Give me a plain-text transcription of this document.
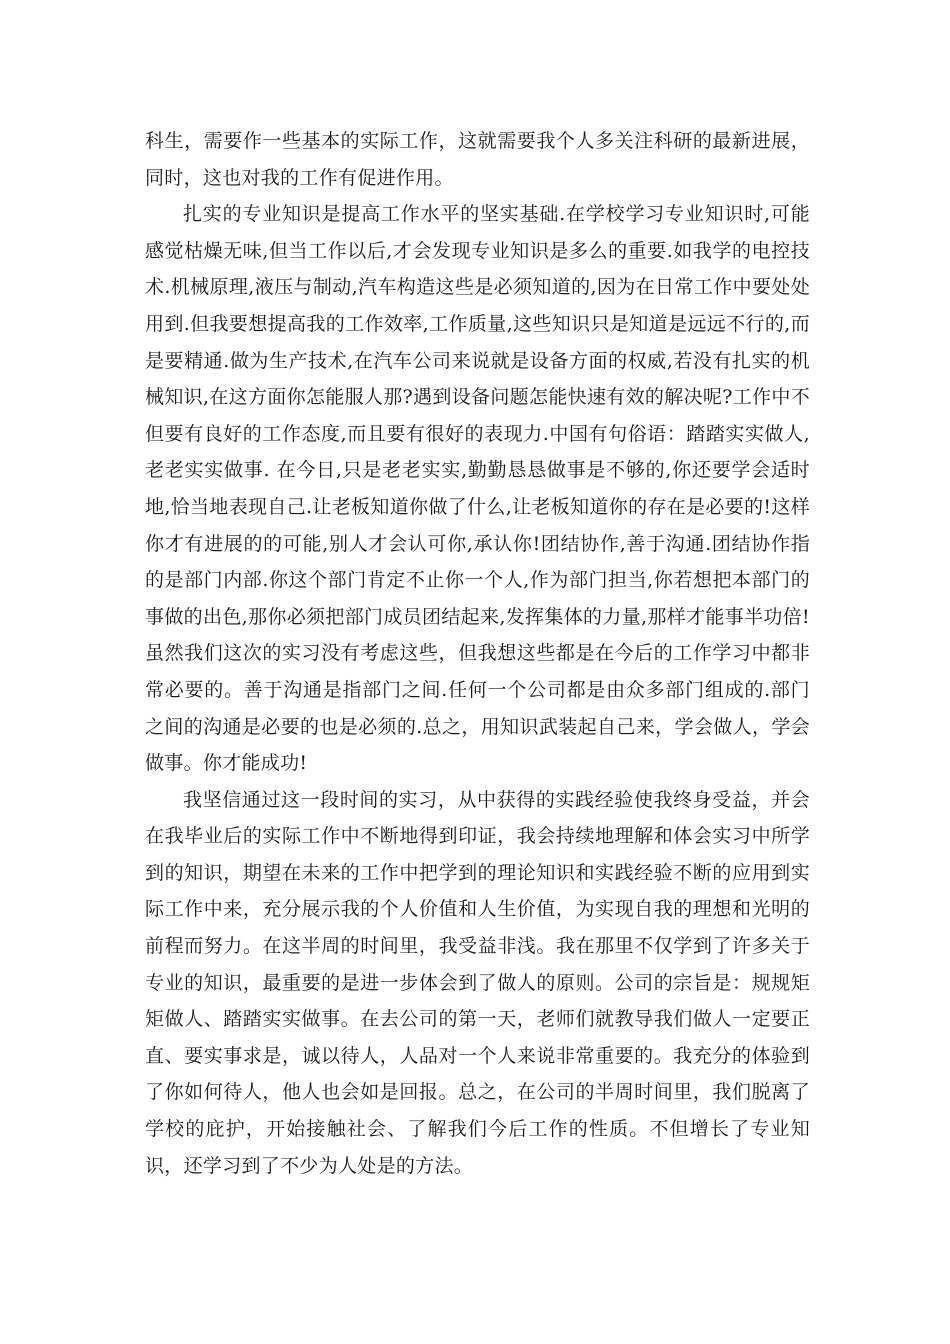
科生，需要作一些基本的实际工作，这就需要我个人多关注科研的最新进展，同时，这也对我的工作有促进作用。

扎实的专业知识是提高工作水平的坚实基础.在学校学习专业知识时,可能感觉枯燥无味,但当工作以后,才会发现专业知识是多么的重要.如我学的电控技术.机械原理,液压与制动,汽车构造这些是必须知道的,因为在日常工作中要处处用到.但我要想提高我的工作效率,工作质量,这些知识只是知道是远远不行的,而是要精通.做为生产技术,在汽车公司来说就是设备方面的权威,若没有扎实的机械知识,在这方面你怎能服人那?遇到设备问题怎能快速有效的解决呢?工作中不但要有良好的工作态度,而且要有很好的表现力.中国有句俗语：踏踏实实做人,老老实实做事. 在今日,只是老老实实,勤勤恳恳做事是不够的,你还要学会适时地,恰当地表现自己.让老板知道你做了什么,让老板知道你的存在是必要的!这样你才有进展的的可能,别人才会认可你,承认你!团结协作,善于沟通.团结协作指的是部门内部.你这个部门肯定不止你一个人,作为部门担当,你若想把本部门的事做的出色,那你必须把部门成员团结起来,发挥集体的力量,那样才能事半功倍!虽然我们这次的实习没有考虑这些，但我想这些都是在今后的工作学习中都非常必要的。善于沟通是指部门之间.任何一个公司都是由众多部门组成的.部门之间的沟通是必要的也是必须的.总之，用知识武装起自己来，学会做人，学会做事。你才能成功!

我坚信通过这一段时间的实习，从中获得的实践经验使我终身受益，并会在我毕业后的实际工作中不断地得到印证，我会持续地理解和体会实习中所学到的知识，期望在未来的工作中把学到的理论知识和实践经验不断的应用到实际工作中来，充分展示我的个人价值和人生价值，为实现自我的理想和光明的前程而努力。在这半周的时间里，我受益非浅。我在那里不仅学到了许多关于专业的知识，最重要的是进一步体会到了做人的原则。公司的宗旨是：规规矩矩做人、踏踏实实做事。在去公司的第一天，老师们就教导我们做人一定要正直、要实事求是，诚以待人，人品对一个人来说非常重要的。我充分的体验到了你如何待人，他人也会如是回报。总之，在公司的半周时间里，我们脱离了学校的庇护，开始接触社会、了解我们今后工作的性质。不但增长了专业知识，还学习到了不少为人处是的方法。
